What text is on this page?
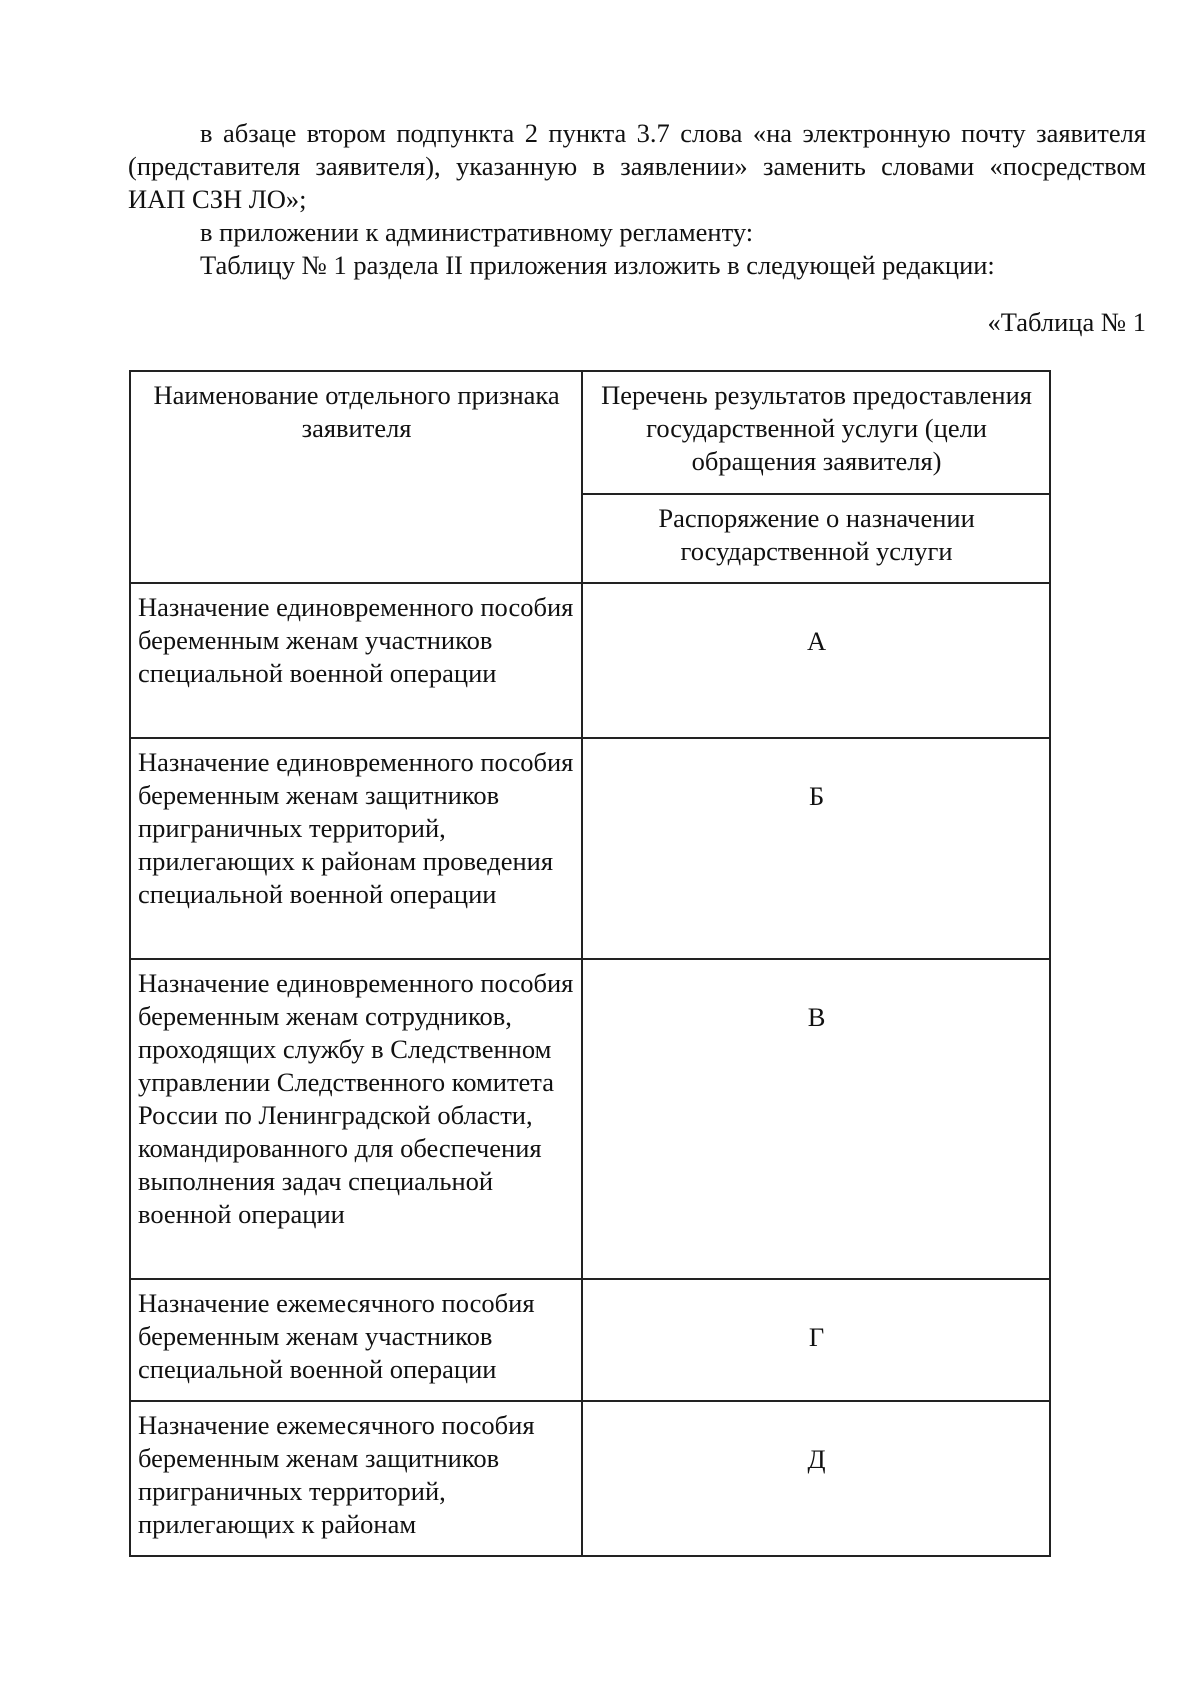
в абзаце втором подпункта 2 пункта 3.7 слова «на электронную почту заявителя (представителя заявителя), указанную в заявлении» заменить словами «посредством ИАП СЗН ЛО»;

в приложении к административному регламенту:

Таблицу № 1 раздела II приложения изложить в следующей редакции:

«Таблица № 1

Наименование отдельного признака заявителя	Перечень результатов предоставления государственной услуги (цели обращения заявителя)
	Распоряжение о назначении государственной услуги
Назначение единовременного пособия беременным женам участников специальной военной операции	А

Назначение единовременного пособия беременным женам защитников приграничных территорий, прилегающих к районам проведения специальной военной операции	Б

Назначение единовременного пособия беременным женам сотрудников, проходящих службу в Следственном управлении Следственного комитета России по Ленинградской области, командированного для обеспечения выполнения задач специальной военной операции	В

Назначение ежемесячного пособия беременным женам участников специальной военной операции	Г

Назначение ежемесячного пособия беременным женам защитников приграничных территорий, прилегающих к районам	Д
